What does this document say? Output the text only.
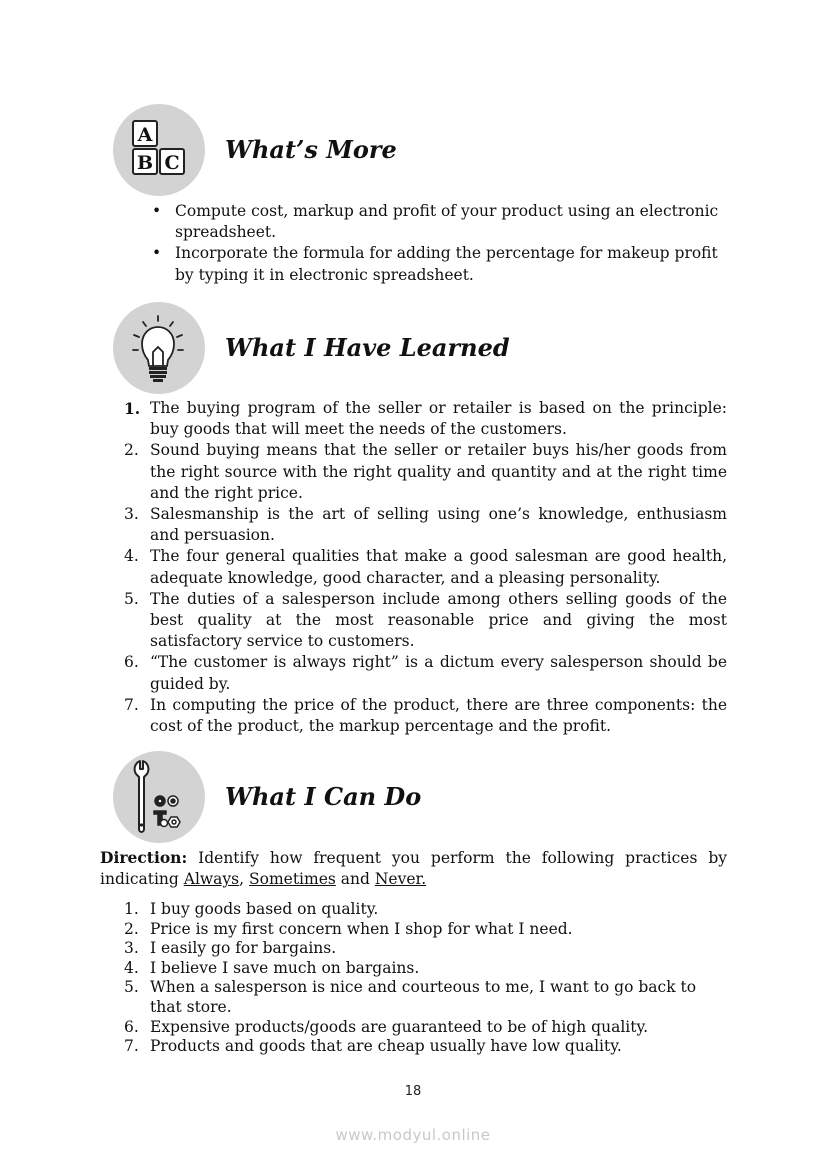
A
B C What’s More
• Compute cost, markup and profit of your product using an electronic spreadsheet.
• Incorporate the formula for adding the percentage for makeup profit by typing it in electronic spreadsheet.
What I Have Learned
1. The buying program of the seller or retailer is based on the principle: buy goods that will meet the needs of the customers.
2. Sound buying means that the seller or retailer buys his/her goods from the right source with the right quality and quantity and at the right time and the right price.
3. Salesmanship is the art of selling using one’s knowledge, enthusiasm and persuasion.
4. The four general qualities that make a good salesman are good health, adequate knowledge, good character, and a pleasing personality.
5. The duties of a salesperson include among others selling goods of the best quality at the most reasonable price and giving the most satisfactory service to customers.
6. “The customer is always right” is a dictum every salesperson should be guided by.
7. In computing the price of the product, there are three components: the cost of the product, the markup percentage and the profit.
What I Can Do

Direction: Identify how frequent you perform the following practices by indicating Always, Sometimes and Never.

1. I buy goods based on quality.
2. Price is my first concern when I shop for what I need.
3. I easily go for bargains.
4. I believe I save much on bargains.
5. When a salesperson is nice and courteous to me, I want to go back to that store.
6. Expensive products/goods are guaranteed to be of high quality.
7. Products and goods that are cheap usually have low quality.
18
www.modyul.online
